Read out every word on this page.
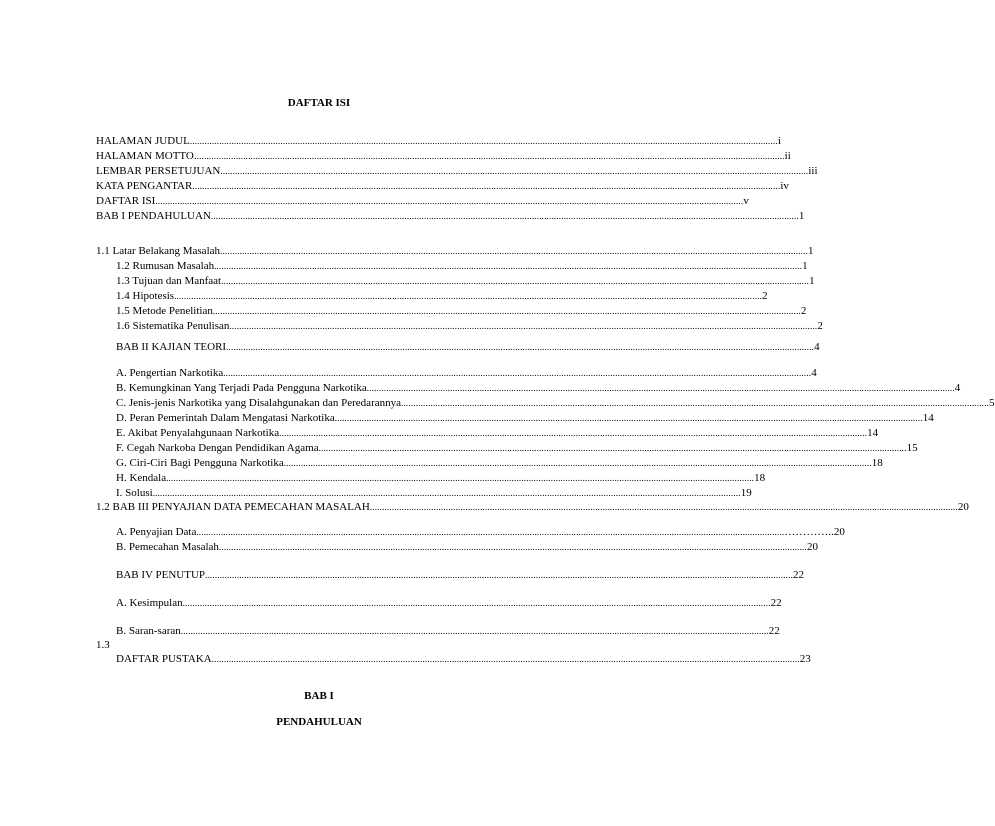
DAFTAR ISI
HALAMAN JUDUL ................................................................................................................................................................................................................................................ i
HALAMAN MOTTO. ................................................................................................................................................................................................................................................ ii
LEMBAR PERSETUJUAN ................................................................................................................................................................................................................................................ iii
KATA PENGANTAR ................................................................................................................................................................................................................................................ iv
DAFTAR ISI ................................................................................................................................................................................................................................................ v
BAB I PENDAHULUAN ................................................................................................................................................................................................................................................ 1
1.1 Latar Belakang Masalah ................................................................................................................................................................................................................................................ 1
1.2 Rumusan Masalah ................................................................................................................................................................................................................................................ 1
1.3 Tujuan dan Manfaat ................................................................................................................................................................................................................................................ 1
1.4 Hipotesis ................................................................................................................................................................................................................................................ 2
1.5 Metode Penelitian ................................................................................................................................................................................................................................................ 2
1.6 Sistematika Penulisan ................................................................................................................................................................................................................................................ 2
BAB II KAJIAN TEORI ................................................................................................................................................................................................................................................ 4
A. Pengertian Narkotika ................................................................................................................................................................................................................................................ 4
B. Kemungkinan Yang Terjadi Pada Pengguna Narkotika ................................................................................................................................................................................................................................................ 4
C. Jenis-jenis Narkotika yang Disalahgunakan dan Peredarannya ................................................................................................................................................................................................................................................ 5
D. Peran Pemerintah Dalam Mengatasi Narkotika ................................................................................................................................................................................................................................................ 14
E. Akibat Penyalahgunaan Narkotika ................................................................................................................................................................................................................................................ 14
F. Cegah Narkoba Dengan Pendidikan Agama ................................................................................................................................................................................................................................................ 15
G. Ciri-Ciri Bagi Pengguna Narkotika ................................................................................................................................................................................................................................................ 18
H. Kendala ................................................................................................................................................................................................................................................ 18
I. Solusi ................................................................................................................................................................................................................................................ 19
1.2 BAB III PENYAJIAN DATA PEMECAHAN MASALAH ................................................................................................................................................................................................................................................ 20
A. Penyajian Data ................................................................................................................................................................................................................................................ …………..20
B. Pemecahan Masalah ................................................................................................................................................................................................................................................ 20
BAB IV PENUTUP ................................................................................................................................................................................................................................................ 22
A. Kesimpulan ................................................................................................................................................................................................................................................ 22
B. Saran-saran ................................................................................................................................................................................................................................................ 22
1.3
DAFTAR PUSTAKA ................................................................................................................................................................................................................................................ 23
BAB I
PENDAHULUAN
